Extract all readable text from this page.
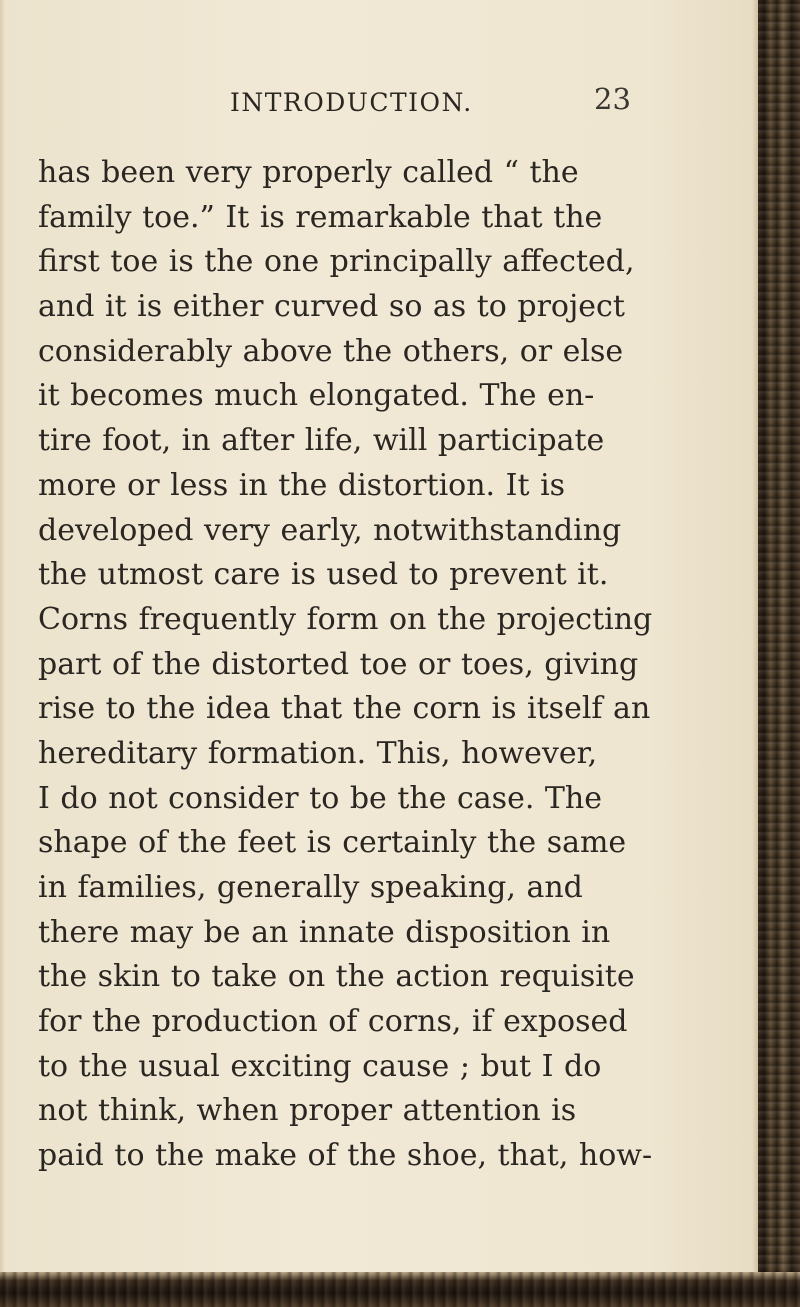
INTRODUCTION.	23
has been very properly called “ the
family toe.” It is remarkable that the
first toe is the one principally affected,
and it is either curved so as to project
considerably above the others, or else
it becomes much elongated. The en-
tire foot, in after life, will participate
more or less in the distortion. It is
developed very early, notwithstanding
the utmost care is used to prevent it.
Corns frequently form on the projecting
part of the distorted toe or toes, giving
rise to the idea that the corn is itself an
hereditary formation. This, however,
I do not consider to be the case. The
shape of the feet is certainly the same
in families, generally speaking, and
there may be an innate disposition in
the skin to take on the action requisite
for the production of corns, if exposed
to the usual exciting cause ; but I do
not think, when proper attention is
paid to the make of the shoe, that, how-
